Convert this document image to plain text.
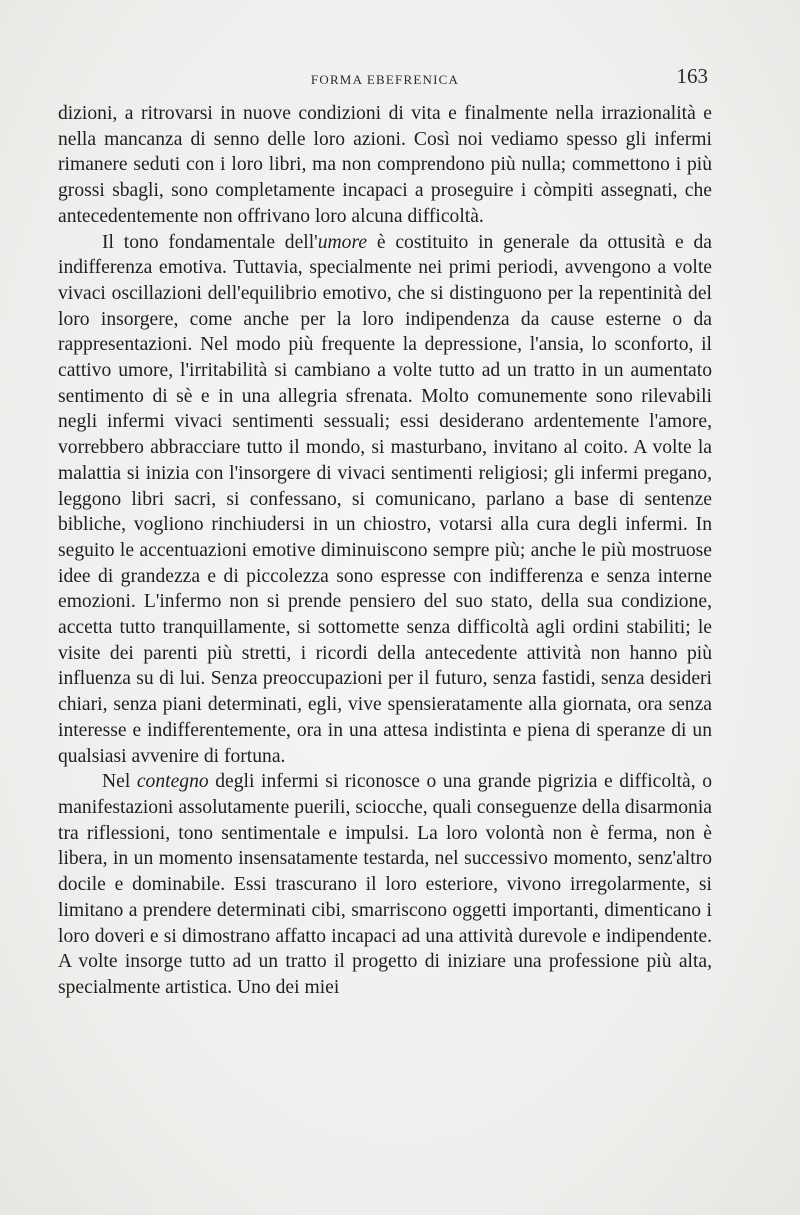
FORMA EBEFRENICA	163

dizioni, a ritrovarsi in nuove condizioni di vita e finalmente nella irrazionalità e nella mancanza di senno delle loro azioni. Così noi vediamo spesso gli infermi rimanere seduti con i loro libri, ma non comprendono più nulla; commettono i più grossi sbagli, sono completamente incapaci a proseguire i còmpiti assegnati, che antecedentemente non offrivano loro alcuna difficoltà.

Il tono fondamentale dell'umore è costituito in generale da ottusità e da indifferenza emotiva. Tuttavia, specialmente nei primi periodi, avvengono a volte vivaci oscillazioni dell'equilibrio emotivo, che si distinguono per la repentinità del loro insorgere, come anche per la loro indipendenza da cause esterne o da rappresentazioni. Nel modo più frequente la depressione, l'ansia, lo sconforto, il cattivo umore, l'irritabilità si cambiano a volte tutto ad un tratto in un aumentato sentimento di sè e in una allegria sfrenata. Molto comunemente sono rilevabili negli infermi vivaci sentimenti sessuali; essi desiderano ardentemente l'amore, vorrebbero abbracciare tutto il mondo, si masturbano, invitano al coito. A volte la malattia si inizia con l'insorgere di vivaci sentimenti religiosi; gli infermi pregano, leggono libri sacri, si confessano, si comunicano, parlano a base di sentenze bibliche, vogliono rinchiudersi in un chiostro, votarsi alla cura degli infermi. In seguito le accentuazioni emotive diminuiscono sempre più; anche le più mostruose idee di grandezza e di piccolezza sono espresse con indifferenza e senza interne emozioni. L'infermo non si prende pensiero del suo stato, della sua condizione, accetta tutto tranquillamente, si sottomette senza difficoltà agli ordini stabiliti; le visite dei parenti più stretti, i ricordi della antecedente attività non hanno più influenza su di lui. Senza preoccupazioni per il futuro, senza fastidi, senza desideri chiari, senza piani determinati, egli, vive spensieratamente alla giornata, ora senza interesse e indifferentemente, ora in una attesa indistinta e piena di speranze di un qualsiasi avvenire di fortuna.

Nel contegno degli infermi si riconosce o una grande pigrizia e difficoltà, o manifestazioni assolutamente puerili, sciocche, quali conseguenze della disarmonia tra riflessioni, tono sentimentale e impulsi. La loro volontà non è ferma, non è libera, in un momento insensatamente testarda, nel successivo momento, senz'altro docile e dominabile. Essi trascurano il loro esteriore, vivono irregolarmente, si limitano a prendere determinati cibi, smarriscono oggetti importanti, dimenticano i loro doveri e si dimostrano affatto incapaci ad una attività durevole e indipendente. A volte insorge tutto ad un tratto il progetto di iniziare una professione più alta, specialmente artistica. Uno dei miei
